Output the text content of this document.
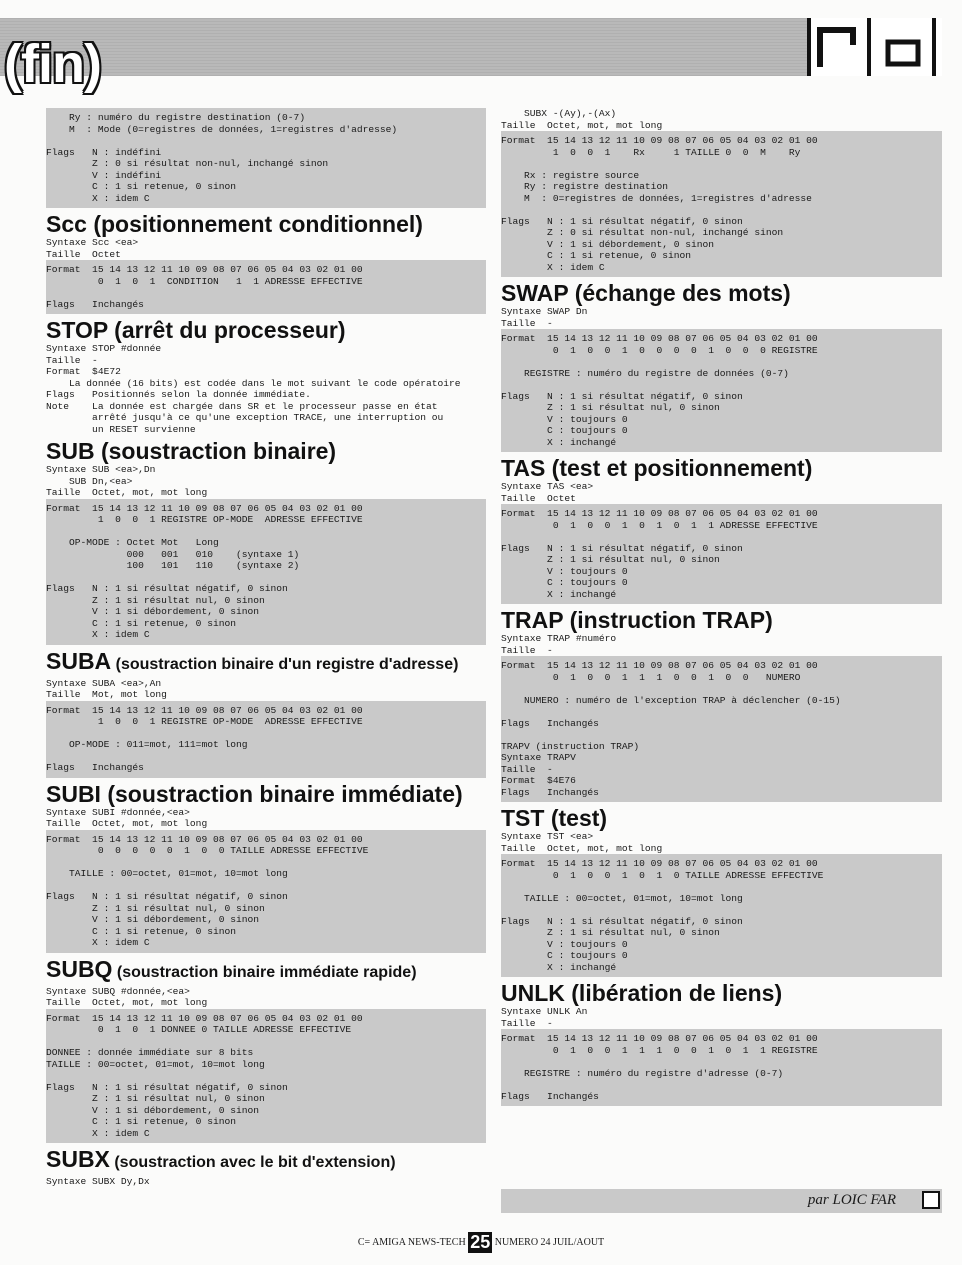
(fin)
Ry : numéro du registre destination (0-7)
M  : Mode (0=registres de données, 1=registres d'adresse)
Flags   N : indéfini
Z : 0 si résultat non-nul, inchangé sinon
V : indéfini
C : 1 si retenue, 0 sinon
X : idem C
Scc (positionnement conditionnel)
Syntaxe Scc <ea>
Taille  Octet
Format  15 14 13 12 11 10 09 08 07 06 05 04 03 02 01 00
0  1  0  1  CONDITION   1  1 ADRESSE EFFECTIVE
Flags   Inchangés
STOP (arrêt du processeur)
Syntaxe STOP #donnée
Taille  -
Format  $4E72
La donnée (16 bits) est codée dans le mot suivant le code opératoire
Flags   Positionnés selon la donnée immédiate.
Note    La donnée est chargée dans SR et le processeur passe en état
arrêté jusqu'à ce qu'une exception TRACE, une interruption ou
un RESET survienne
SUB (soustraction binaire)
Syntaxe SUB <ea>,Dn
SUB Dn,<ea>
Taille  Octet, mot, mot long
Format  15 14 13 12 11 10 09 08 07 06 05 04 03 02 01 00
1  0  0  1 REGISTRE OP-MODE  ADRESSE EFFECTIVE
OP-MODE : Octet Mot   Long
000   001   010    (syntaxe 1)
100   101   110    (syntaxe 2)
Flags   N : 1 si résultat négatif, 0 sinon
Z : 1 si résultat nul, 0 sinon
V : 1 si débordement, 0 sinon
C : 1 si retenue, 0 sinon
X : idem C
SUBA (soustraction binaire d'un registre d'adresse)
Syntaxe SUBA <ea>,An
Taille  Mot, mot long
Format  15 14 13 12 11 10 09 08 07 06 05 04 03 02 01 00
1  0  0  1 REGISTRE OP-MODE  ADRESSE EFFECTIVE
OP-MODE : 011=mot, 111=mot long
Flags   Inchangés
SUBI (soustraction binaire immédiate)
Syntaxe SUBI #donnée,<ea>
Taille  Octet, mot, mot long
Format  15 14 13 12 11 10 09 08 07 06 05 04 03 02 01 00
0  0  0  0  0  1  0  0 TAILLE ADRESSE EFFECTIVE
TAILLE : 00=octet, 01=mot, 10=mot long
Flags   N : 1 si résultat négatif, 0 sinon
Z : 1 si résultat nul, 0 sinon
V : 1 si débordement, 0 sinon
C : 1 si retenue, 0 sinon
X : idem C
SUBQ (soustraction binaire immédiate rapide)
Syntaxe SUBQ #donnée,<ea>
Taille  Octet, mot, mot long
Format  15 14 13 12 11 10 09 08 07 06 05 04 03 02 01 00
0  1  0  1 DONNEE 0 TAILLE ADRESSE EFFECTIVE
DONNEE : donnée immédiate sur 8 bits
TAILLE : 00=octet, 01=mot, 10=mot long
Flags   N : 1 si résultat négatif, 0 sinon
Z : 1 si résultat nul, 0 sinon
V : 1 si débordement, 0 sinon
C : 1 si retenue, 0 sinon
X : idem C
SUBX (soustraction avec le bit d'extension)
Syntaxe SUBX Dy,Dx
SUBX -(Ay),-(Ax)
Taille  Octet, mot, mot long
Format  15 14 13 12 11 10 09 08 07 06 05 04 03 02 01 00
1  0  0  1    Rx     1 TAILLE 0  0  M    Ry
Rx : registre source
Ry : registre destination
M  : 0=registres de données, 1=registres d'adresse
Flags   N : 1 si résultat négatif, 0 sinon
Z : 0 si résultat non-nul, inchangé sinon
V : 1 si débordement, 0 sinon
C : 1 si retenue, 0 sinon
X : idem C
SWAP (échange des mots)
Syntaxe SWAP Dn
Taille  -
Format  15 14 13 12 11 10 09 08 07 06 05 04 03 02 01 00
0  1  0  0  1  0  0  0  0  1  0  0  0 REGISTRE
REGISTRE : numéro du registre de données (0-7)
Flags   N : 1 si résultat négatif, 0 sinon
Z : 1 si résultat nul, 0 sinon
V : toujours 0
C : toujours 0
X : inchangé
TAS (test et positionnement)
Syntaxe TAS <ea>
Taille  Octet
Format  15 14 13 12 11 10 09 08 07 06 05 04 03 02 01 00
0  1  0  0  1  0  1  0  1  1 ADRESSE EFFECTIVE
Flags   N : 1 si résultat négatif, 0 sinon
Z : 1 si résultat nul, 0 sinon
V : toujours 0
C : toujours 0
X : inchangé
TRAP (instruction TRAP)
Syntaxe TRAP #numéro
Taille  -
Format  15 14 13 12 11 10 09 08 07 06 05 04 03 02 01 00
0  1  0  0  1  1  1  0  0  1  0  0   NUMERO
NUMERO : numéro de l'exception TRAP à déclencher (0-15)
Flags   Inchangés
TRAPV (instruction TRAP)
Syntaxe TRAPV
Taille  -
Format  $4E76
Flags   Inchangés
TST (test)
Syntaxe TST <ea>
Taille  Octet, mot, mot long
Format  15 14 13 12 11 10 09 08 07 06 05 04 03 02 01 00
0  1  0  0  1  0  1  0 TAILLE ADRESSE EFFECTIVE
TAILLE : 00=octet, 01=mot, 10=mot long
Flags   N : 1 si résultat négatif, 0 sinon
Z : 1 si résultat nul, 0 sinon
V : toujours 0
C : toujours 0
X : inchangé
UNLK (libération de liens)
Syntaxe UNLK An
Taille  -
Format  15 14 13 12 11 10 09 08 07 06 05 04 03 02 01 00
0  1  0  0  1  1  1  0  0  1  0  1  1 REGISTRE
REGISTRE : numéro du registre d'adresse (0-7)
Flags   Inchangés
par LOIC FAR
C= AMIGA NEWS-TECH 25 NUMERO 24 JUIL/AOUT
